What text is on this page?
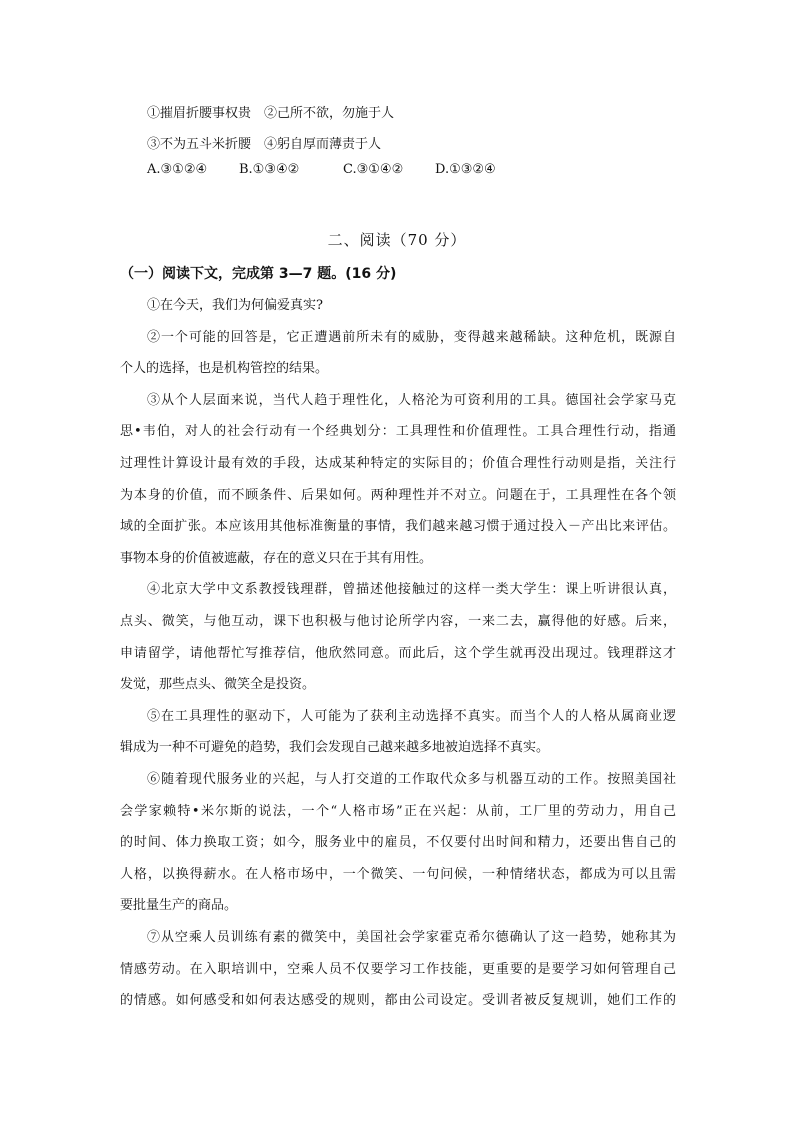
①摧眉折腰事权贵　②己所不欲，勿施于人
③不为五斗米折腰　④躬自厚而薄责于人
A.③①②④ B.①③④②	C.③①④② D.①③②④
二、阅读（70 分）
（一）阅读下文，完成第 3—7 题。(16 分)
①在今天，我们为何偏爱真实?
②一个可能的回答是，它正遭遇前所未有的威胁，变得越来越稀缺。这种危机，既源自
个人的选择，也是机构管控的结果。
③从个人层面来说，当代人趋于理性化，人格沦为可资利用的工具。德国社会学家马克
思•韦伯，对人的社会行动有一个经典划分：工具理性和价值理性。工具合理性行动，指通
过理性计算设计最有效的手段，达成某种特定的实际目的；价值合理性行动则是指，关注行
为本身的价值，而不顾条件、后果如何。两种理性并不对立。问题在于，工具理性在各个领
域的全面扩张。本应该用其他标准衡量的事情，我们越来越习惯于通过投入－产出比来评估。
事物本身的价值被遮蔽，存在的意义只在于其有用性。
④北京大学中文系教授钱理群，曾描述他接触过的这样一类大学生：课上听讲很认真，
点头、微笑，与他互动，课下也积极与他讨论所学内容，一来二去，赢得他的好感。后来，
申请留学，请他帮忙写推荐信，他欣然同意。而此后，这个学生就再没出现过。钱理群这才
发觉，那些点头、微笑全是投资。
⑤在工具理性的驱动下，人可能为了获利主动选择不真实。而当个人的人格从属商业逻
辑成为一种不可避免的趋势，我们会发现自己越来越多地被迫选择不真实。
⑥随着现代服务业的兴起，与人打交道的工作取代众多与机器互动的工作。按照美国社
会学家赖特•米尔斯的说法，一个“人格市场”正在兴起：从前，工厂里的劳动力，用自己
的时间、体力换取工资；如今，服务业中的雇员，不仅要付出时间和精力，还要出售自己的
人格，以换得薪水。在人格市场中，一个微笑、一句问候，一种情绪状态，都成为可以且需
要批量生产的商品。
⑦从空乘人员训练有素的微笑中，美国社会学家霍克希尔德确认了这一趋势，她称其为
情感劳动。在入职培训中，空乘人员不仅要学习工作技能，更重要的是要学习如何管理自己
的情感。如何感受和如何表达感受的规则，都由公司设定。受训者被反复规训，她们工作的
